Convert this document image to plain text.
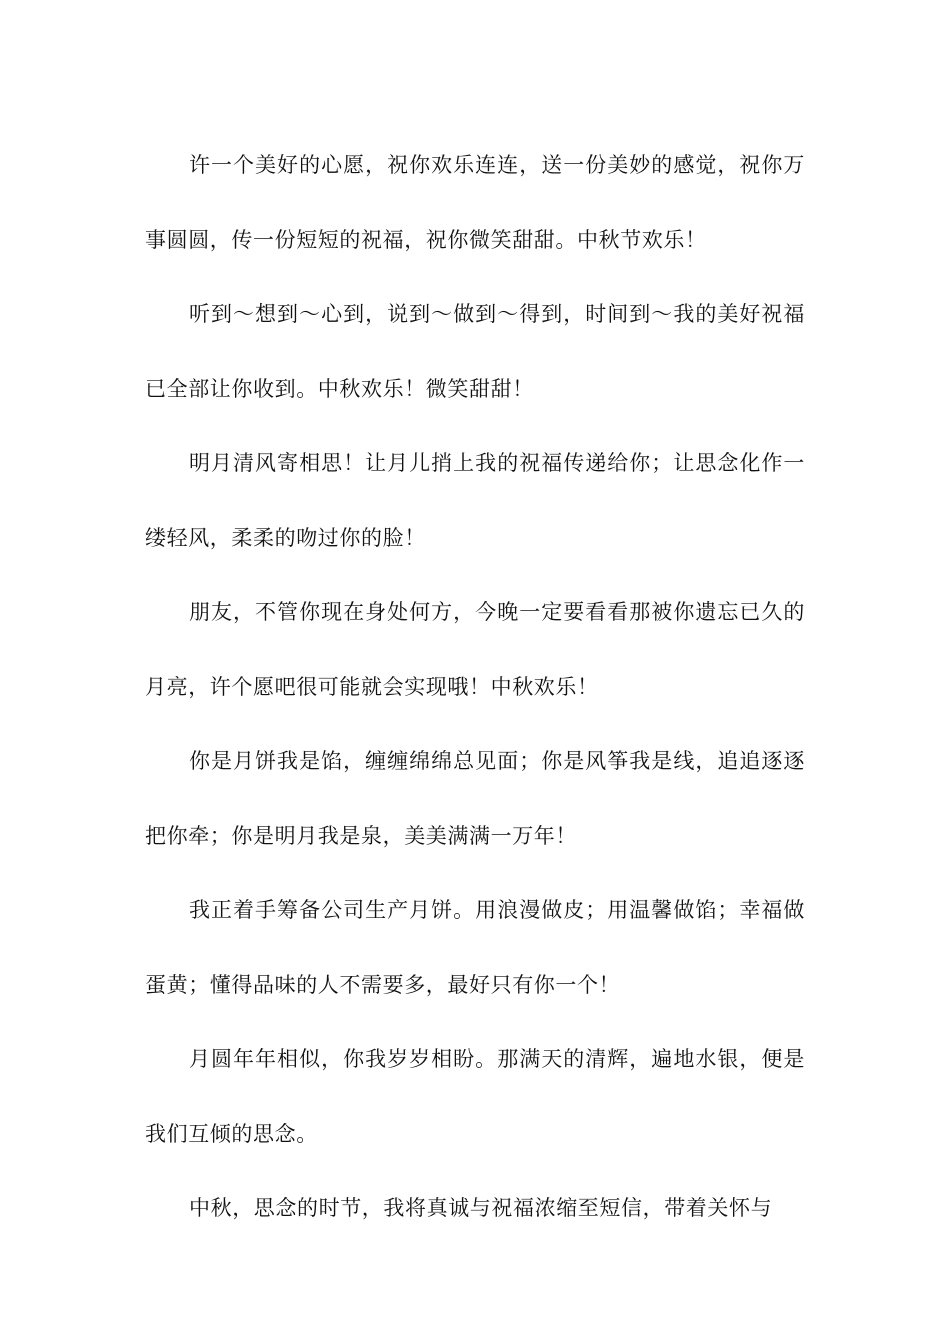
许一个美好的心愿，祝你欢乐连连，送一份美妙的感觉，祝你万事圆圆，传一份短短的祝福，祝你微笑甜甜。中秋节欢乐！

听到～想到～心到，说到～做到～得到，时间到～我的美好祝福已全部让你收到。中秋欢乐！微笑甜甜！

明月清风寄相思！让月儿捎上我的祝福传递给你；让思念化作一缕轻风，柔柔的吻过你的脸！

朋友，不管你现在身处何方，今晚一定要看看那被你遗忘已久的月亮，许个愿吧很可能就会实现哦！中秋欢乐！

你是月饼我是馅，缠缠绵绵总见面；你是风筝我是线，追追逐逐把你牵；你是明月我是泉，美美满满一万年！

我正着手筹备公司生产月饼。用浪漫做皮；用温馨做馅；幸福做蛋黄；懂得品味的人不需要多，最好只有你一个！

月圆年年相似，你我岁岁相盼。那满天的清辉，遍地水银，便是我们互倾的思念。

中秋，思念的时节，我将真诚与祝福浓缩至短信，带着关怀与
